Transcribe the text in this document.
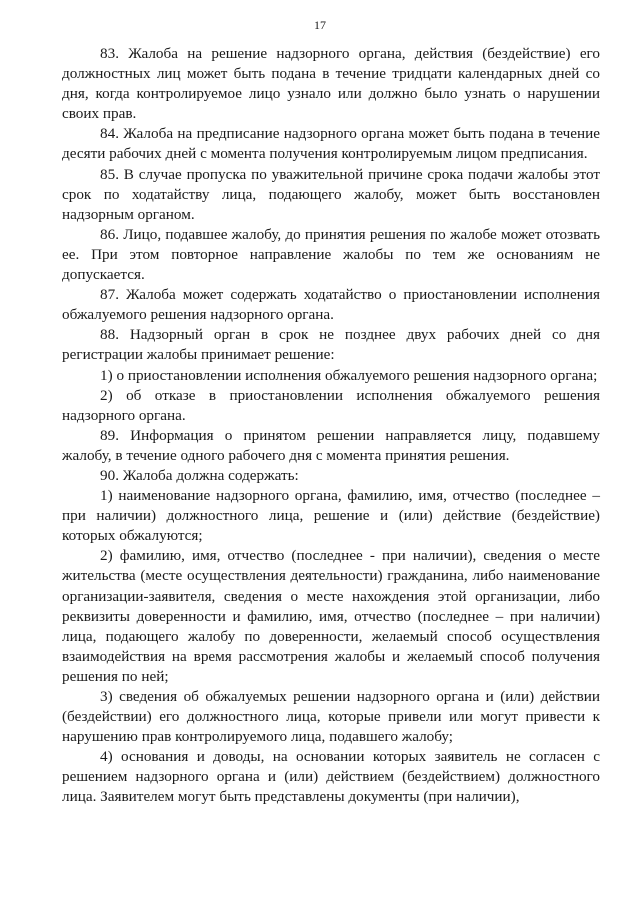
17

83. Жалоба на решение надзорного органа, действия (бездействие) его должностных лиц может быть подана в течение тридцати календарных дней со дня, когда контролируемое лицо узнало или должно было узнать о нарушении своих прав.

84. Жалоба на предписание надзорного органа может быть подана в течение десяти рабочих дней с момента получения контролируемым лицом предписания.

85. В случае пропуска по уважительной причине срока подачи жалобы этот срок по ходатайству лица, подающего жалобу, может быть восстановлен надзорным органом.

86. Лицо, подавшее жалобу, до принятия решения по жалобе может отозвать ее. При этом повторное направление жалобы по тем же основаниям не допускается.

87. Жалоба может содержать ходатайство о приостановлении исполнения обжалуемого решения надзорного органа.

88. Надзорный орган в срок не позднее двух рабочих дней со дня регистрации жалобы принимает решение:

1) о приостановлении исполнения обжалуемого решения надзорного органа;

2) об отказе в приостановлении исполнения обжалуемого решения надзорного органа.

89. Информация о принятом решении направляется лицу, подавшему жалобу, в течение одного рабочего дня с момента принятия решения.

90. Жалоба должна содержать:

1) наименование надзорного органа, фамилию, имя, отчество (последнее – при наличии) должностного лица, решение и (или) действие (бездействие) которых обжалуются;

2) фамилию, имя, отчество (последнее - при наличии), сведения о месте жительства (месте осуществления деятельности) гражданина, либо наименование организации-заявителя, сведения о месте нахождения этой организации, либо реквизиты доверенности и фамилию, имя, отчество (последнее – при наличии) лица, подающего жалобу по доверенности, желаемый способ осуществления взаимодействия на время рассмотрения жалобы и желаемый способ получения решения по ней;

3) сведения об обжалуемых решении надзорного органа и (или) действии (бездействии) его должностного лица, которые привели или могут привести к нарушению прав контролируемого лица, подавшего жалобу;

4) основания и доводы, на основании которых заявитель не согласен с решением надзорного органа и (или) действием (бездействием) должностного лица. Заявителем могут быть представлены документы (при наличии),
